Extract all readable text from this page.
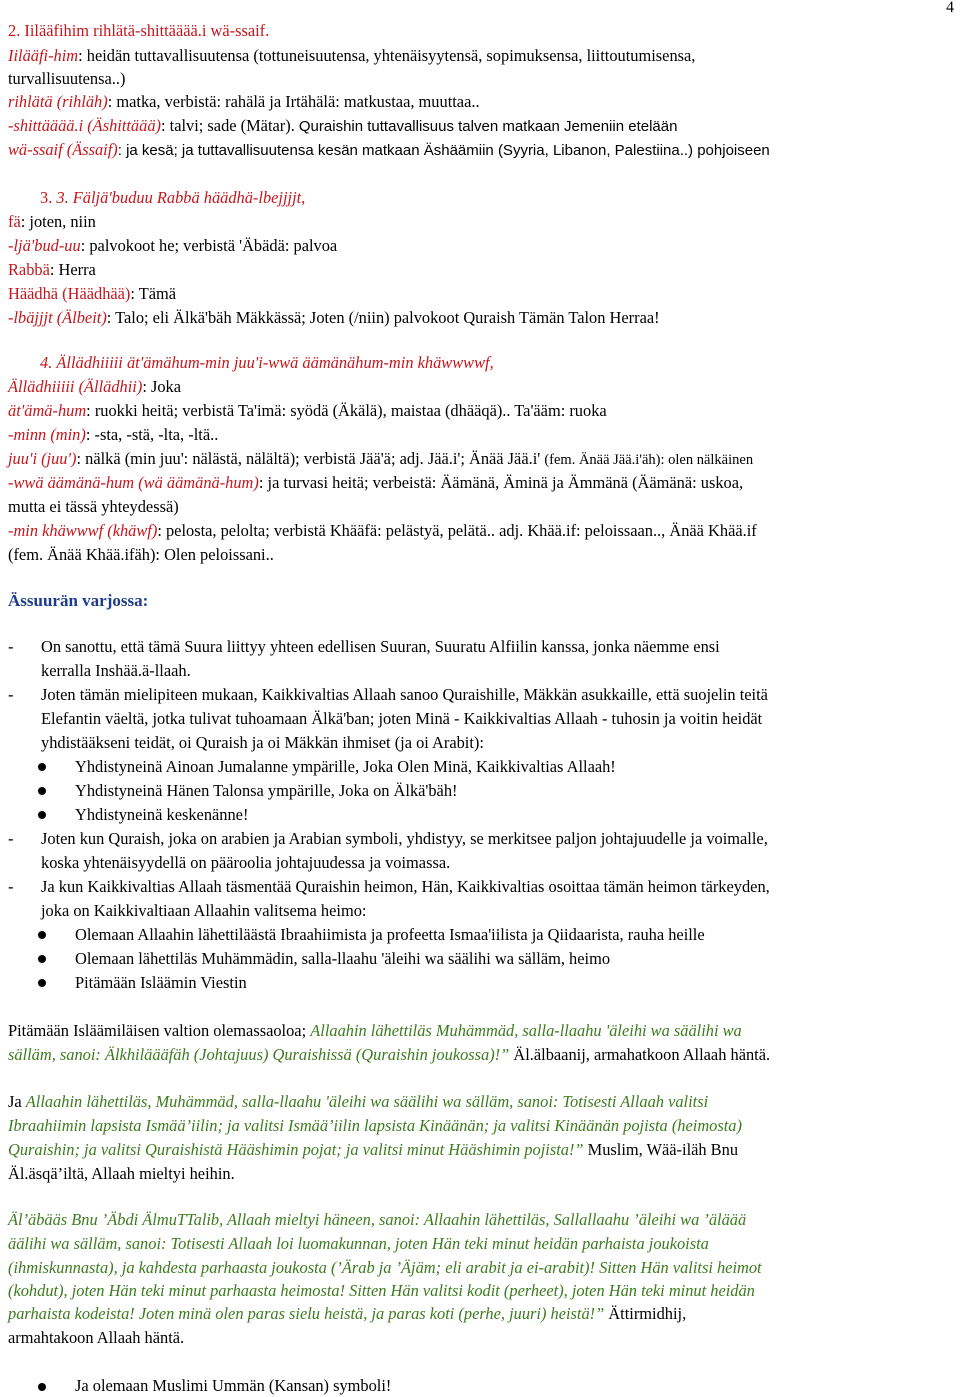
4
2. Iilääfihim rihlätä-shittääää.i wä-ssaif.
Iilääfi-him: heidän tuttavallisuutensa (tottuneisuutensa, yhtenäisyytensä, sopimuksensa, liittoutumisensa,
turvallisuutensa..)
rihlätä (rihläh): matka, verbistä: rahälä ja Irtähälä: matkustaa, muuttaa..
-shittääää.i (Äshittäää): talvi; sade (Mätar). Quraishin tuttavallisuus talven matkaan Jemeniin etelään
wä-ssaif (Ässaif): ja kesä; ja tuttavallisuutensa kesän matkaan Äshäämiin (Syyria, Libanon, Palestiina..) pohjoiseen
3. 3. Fäljä'buduu Rabbä häädhä-lbejjjjt,
fä: joten, niin
-ljä'bud-uu: palvokoot he; verbistä 'Äbädä: palvoa
Rabbä: Herra
Häädhä (Häädhää): Tämä
-lbäjjjt (Älbeit): Talo; eli Älkä'bäh Mäkkässä; Joten (/niin) palvokoot Quraish Tämän Talon Herraa!
4. Ällädhiiiii ät'ämähum-min juu'i-wwä äämänähum-min khäwwwwf,
Ällädhiiiii (Ällädhii): Joka
ät'ämä-hum: ruokki heitä; verbistä Ta'imä: syödä (Äkälä), maistaa (dhääqä).. Ta'ääm: ruoka
-minn (min): -sta, -stä, -lta, -ltä..
juu'i (juu'): nälkä (min juu': nälästä, nälältä); verbistä Jää'ä; adj. Jää.i'; Änää Jää.i' (fem. Änää Jää.i'äh): olen nälkäinen
-wwä äämänä-hum (wä äämänä-hum): ja turvasi heitä; verbeistä: Äämänä, Äminä ja Ämmänä (Äämänä: uskoa,
mutta ei tässä yhteydessä)
-min khäwwwf (khäwf): pelosta, pelolta; verbistä Khääfä: pelästyä, pelätä.. adj. Khää.if: peloissaan.., Änää Khää.if
(fem. Änää Khää.ifäh): Olen peloissani..
Ässuurän varjossa:
- On sanottu, että tämä Suura liittyy yhteen edellisen Suuran, Suuratu Alfiilin kanssa, jonka näemme ensi
kerralla Inshää.ä-llaah.
- Joten tämän mielipiteen mukaan, Kaikkivaltias Allaah sanoo Quraishille, Mäkkän asukkaille, että suojelin teitä
Elefantin väeltä, jotka tulivat tuhoamaan Älkä'ban; joten Minä - Kaikkivaltias Allaah - tuhosin ja voitin heidät
yhdistääkseni teidät, oi Quraish ja oi Mäkkän ihmiset (ja oi Arabit):
Yhdistyneinä Ainoan Jumalanne ympärille, Joka Olen Minä, Kaikkivaltias Allaah!
Yhdistyneinä Hänen Talonsa ympärille, Joka on Älkä'bäh!
Yhdistyneinä keskenänne!
- Joten kun Quraish, joka on arabien ja Arabian symboli, yhdistyy, se merkitsee paljon johtajuudelle ja voimalle,
koska yhtenäisyydellä on pääroolia johtajuudessa ja voimassa.
- Ja kun Kaikkivaltias Allaah täsmentää Quraishin heimon, Hän, Kaikkivaltias osoittaa tämän heimon tärkeyden,
joka on Kaikkivaltiaan Allaahin valitsema heimo:
Olemaan Allaahin lähettiläästä Ibraahiimista ja profeetta Ismaa'iilista ja Qiidaarista, rauha heille
Olemaan lähettiläs Muhämmädin, salla-llaahu 'äleihi wa säälihi wa sälläm, heimo
Pitämään Isläämin Viestin
Pitämään Isläämiläisen valtion olemassaoloa; Allaahin lähettiläs Muhämmäd, salla-llaahu 'äleihi wa säälihi wa
sälläm, sanoi: Älkhiläääfäh (Johtajuus) Quraishissä (Quraishin joukossa)!” Äl.älbaanij, armahatkoon Allaah häntä.
Ja Allaahin lähettiläs, Muhämmäd, salla-llaahu 'äleihi wa säälihi wa sälläm, sanoi: Totisesti Allaah valitsi
Ibraahiimin lapsista Ismää’iilin; ja valitsi Ismää’iilin lapsista Kinäänän; ja valitsi Kinäänän pojista (heimosta)
Quraishin; ja valitsi Quraishistä Hääshimin pojat; ja valitsi minut Hääshimin pojista!” Muslim, Wää-iläh Bnu
Äl.äsqä’iltä, Allaah mieltyi heihin.
Äl’äbääs Bnu ’Äbdi ÄlmuTTalib, Allaah mieltyi häneen, sanoi: Allaahin lähettiläs, Sallallaahu ’äleihi wa ’äläää
äälihi wa sälläm, sanoi: Totisesti Allaah loi luomakunnan, joten Hän teki minut heidän parhaista joukoista
(ihmiskunnasta), ja kahdesta parhaasta joukosta (’Ärab ja ’Äjäm; eli arabit ja ei-arabit)! Sitten Hän valitsi heimot
(kohdut), joten Hän teki minut parhaasta heimosta! Sitten Hän valitsi kodit (perheet), joten Hän teki minut heidän
parhaista kodeista! Joten minä olen paras sielu heistä, ja paras koti (perhe, juuri) heistä!” Ättirmidhij,
armahtakoon Allaah häntä.
Ja olemaan Muslimi Ummän (Kansan) symboli!
